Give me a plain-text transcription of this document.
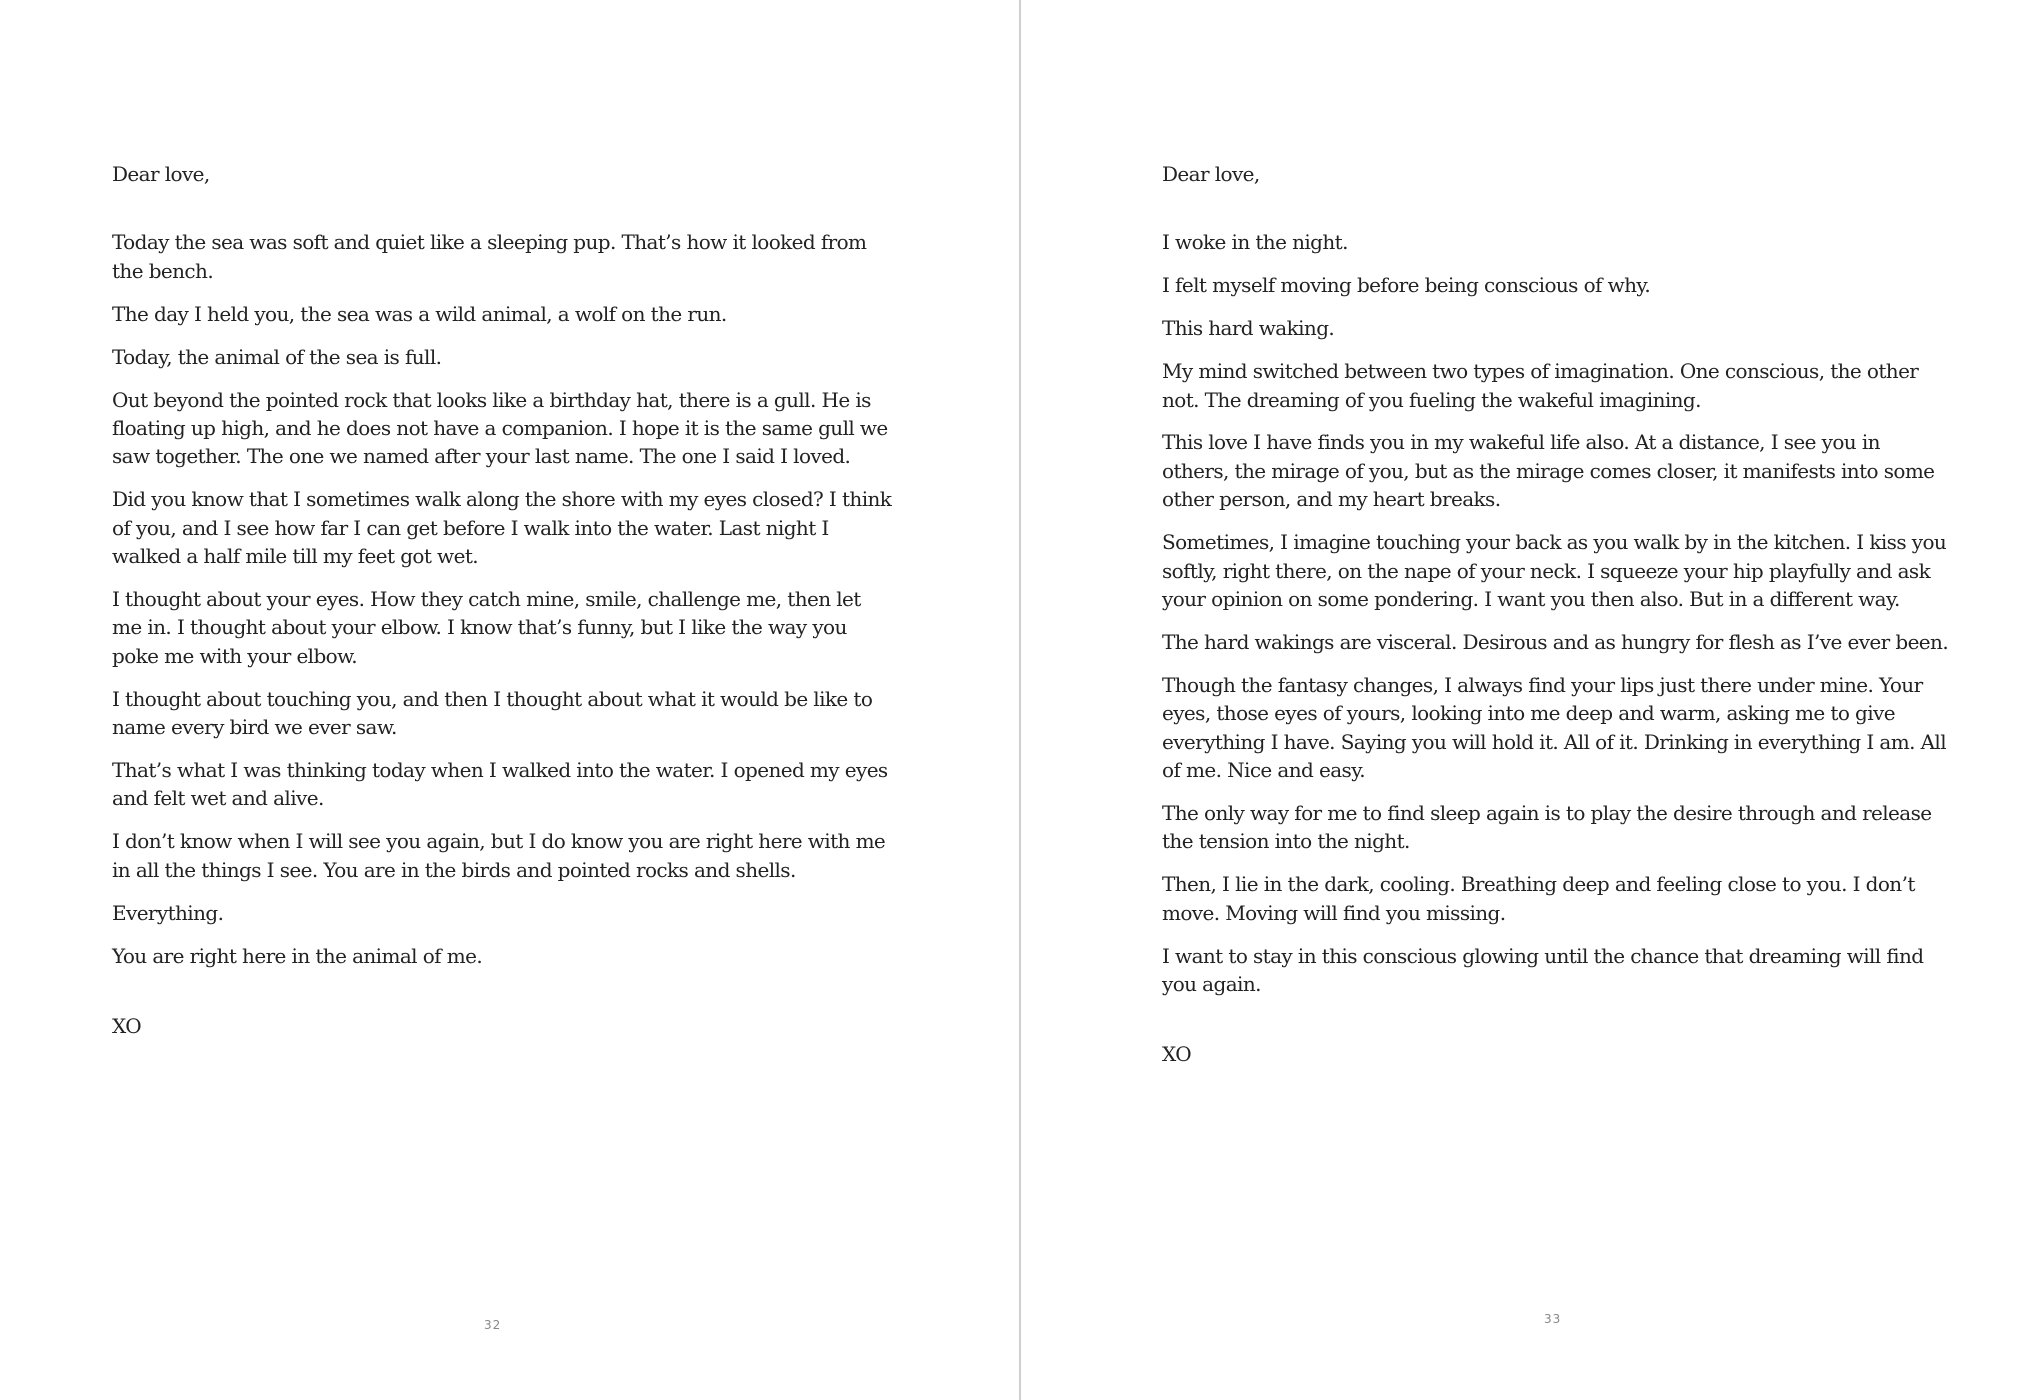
Dear love,

Today the sea was soft and quiet like a sleeping pup. That’s how it looked from the bench.

The day I held you, the sea was a wild animal, a wolf on the run.

Today, the animal of the sea is full.

Out beyond the pointed rock that looks like a birthday hat, there is a gull. He is floating up high, and he does not have a companion. I hope it is the same gull we saw together. The one we named after your last name. The one I said I loved.

Did you know that I sometimes walk along the shore with my eyes closed? I think of you, and I see how far I can get before I walk into the water. Last night I walked a half mile till my feet got wet.

I thought about your eyes. How they catch mine, smile, challenge me, then let me in. I thought about your elbow. I know that’s funny, but I like the way you poke me with your elbow.

I thought about touching you, and then I thought about what it would be like to name every bird we ever saw.

That’s what I was thinking today when I walked into the water. I opened my eyes and felt wet and alive.

I don’t know when I will see you again, but I do know you are right here with me in all the things I see. You are in the birds and pointed rocks and shells.

Everything.

You are right here in the animal of me.

XO

32

Dear love,

I woke in the night.

I felt myself moving before being conscious of why.

This hard waking.

My mind switched between two types of imagination. One conscious, the other not. The dreaming of you fueling the wakeful imagining.

This love I have finds you in my wakeful life also. At a distance, I see you in others, the mirage of you, but as the mirage comes closer, it manifests into some other person, and my heart breaks.

Sometimes, I imagine touching your back as you walk by in the kitchen. I kiss you softly, right there, on the nape of your neck. I squeeze your hip playfully and ask your opinion on some pondering. I want you then also. But in a different way.

The hard wakings are visceral. Desirous and as hungry for flesh as I’ve ever been.

Though the fantasy changes, I always find your lips just there under mine. Your eyes, those eyes of yours, looking into me deep and warm, asking me to give everything I have. Saying you will hold it. All of it. Drinking in everything I am. All of me. Nice and easy.

The only way for me to find sleep again is to play the desire through and release the tension into the night.

Then, I lie in the dark, cooling. Breathing deep and feeling close to you. I don’t move. Moving will find you missing.

I want to stay in this conscious glowing until the chance that dreaming will find you again.

XO

33
